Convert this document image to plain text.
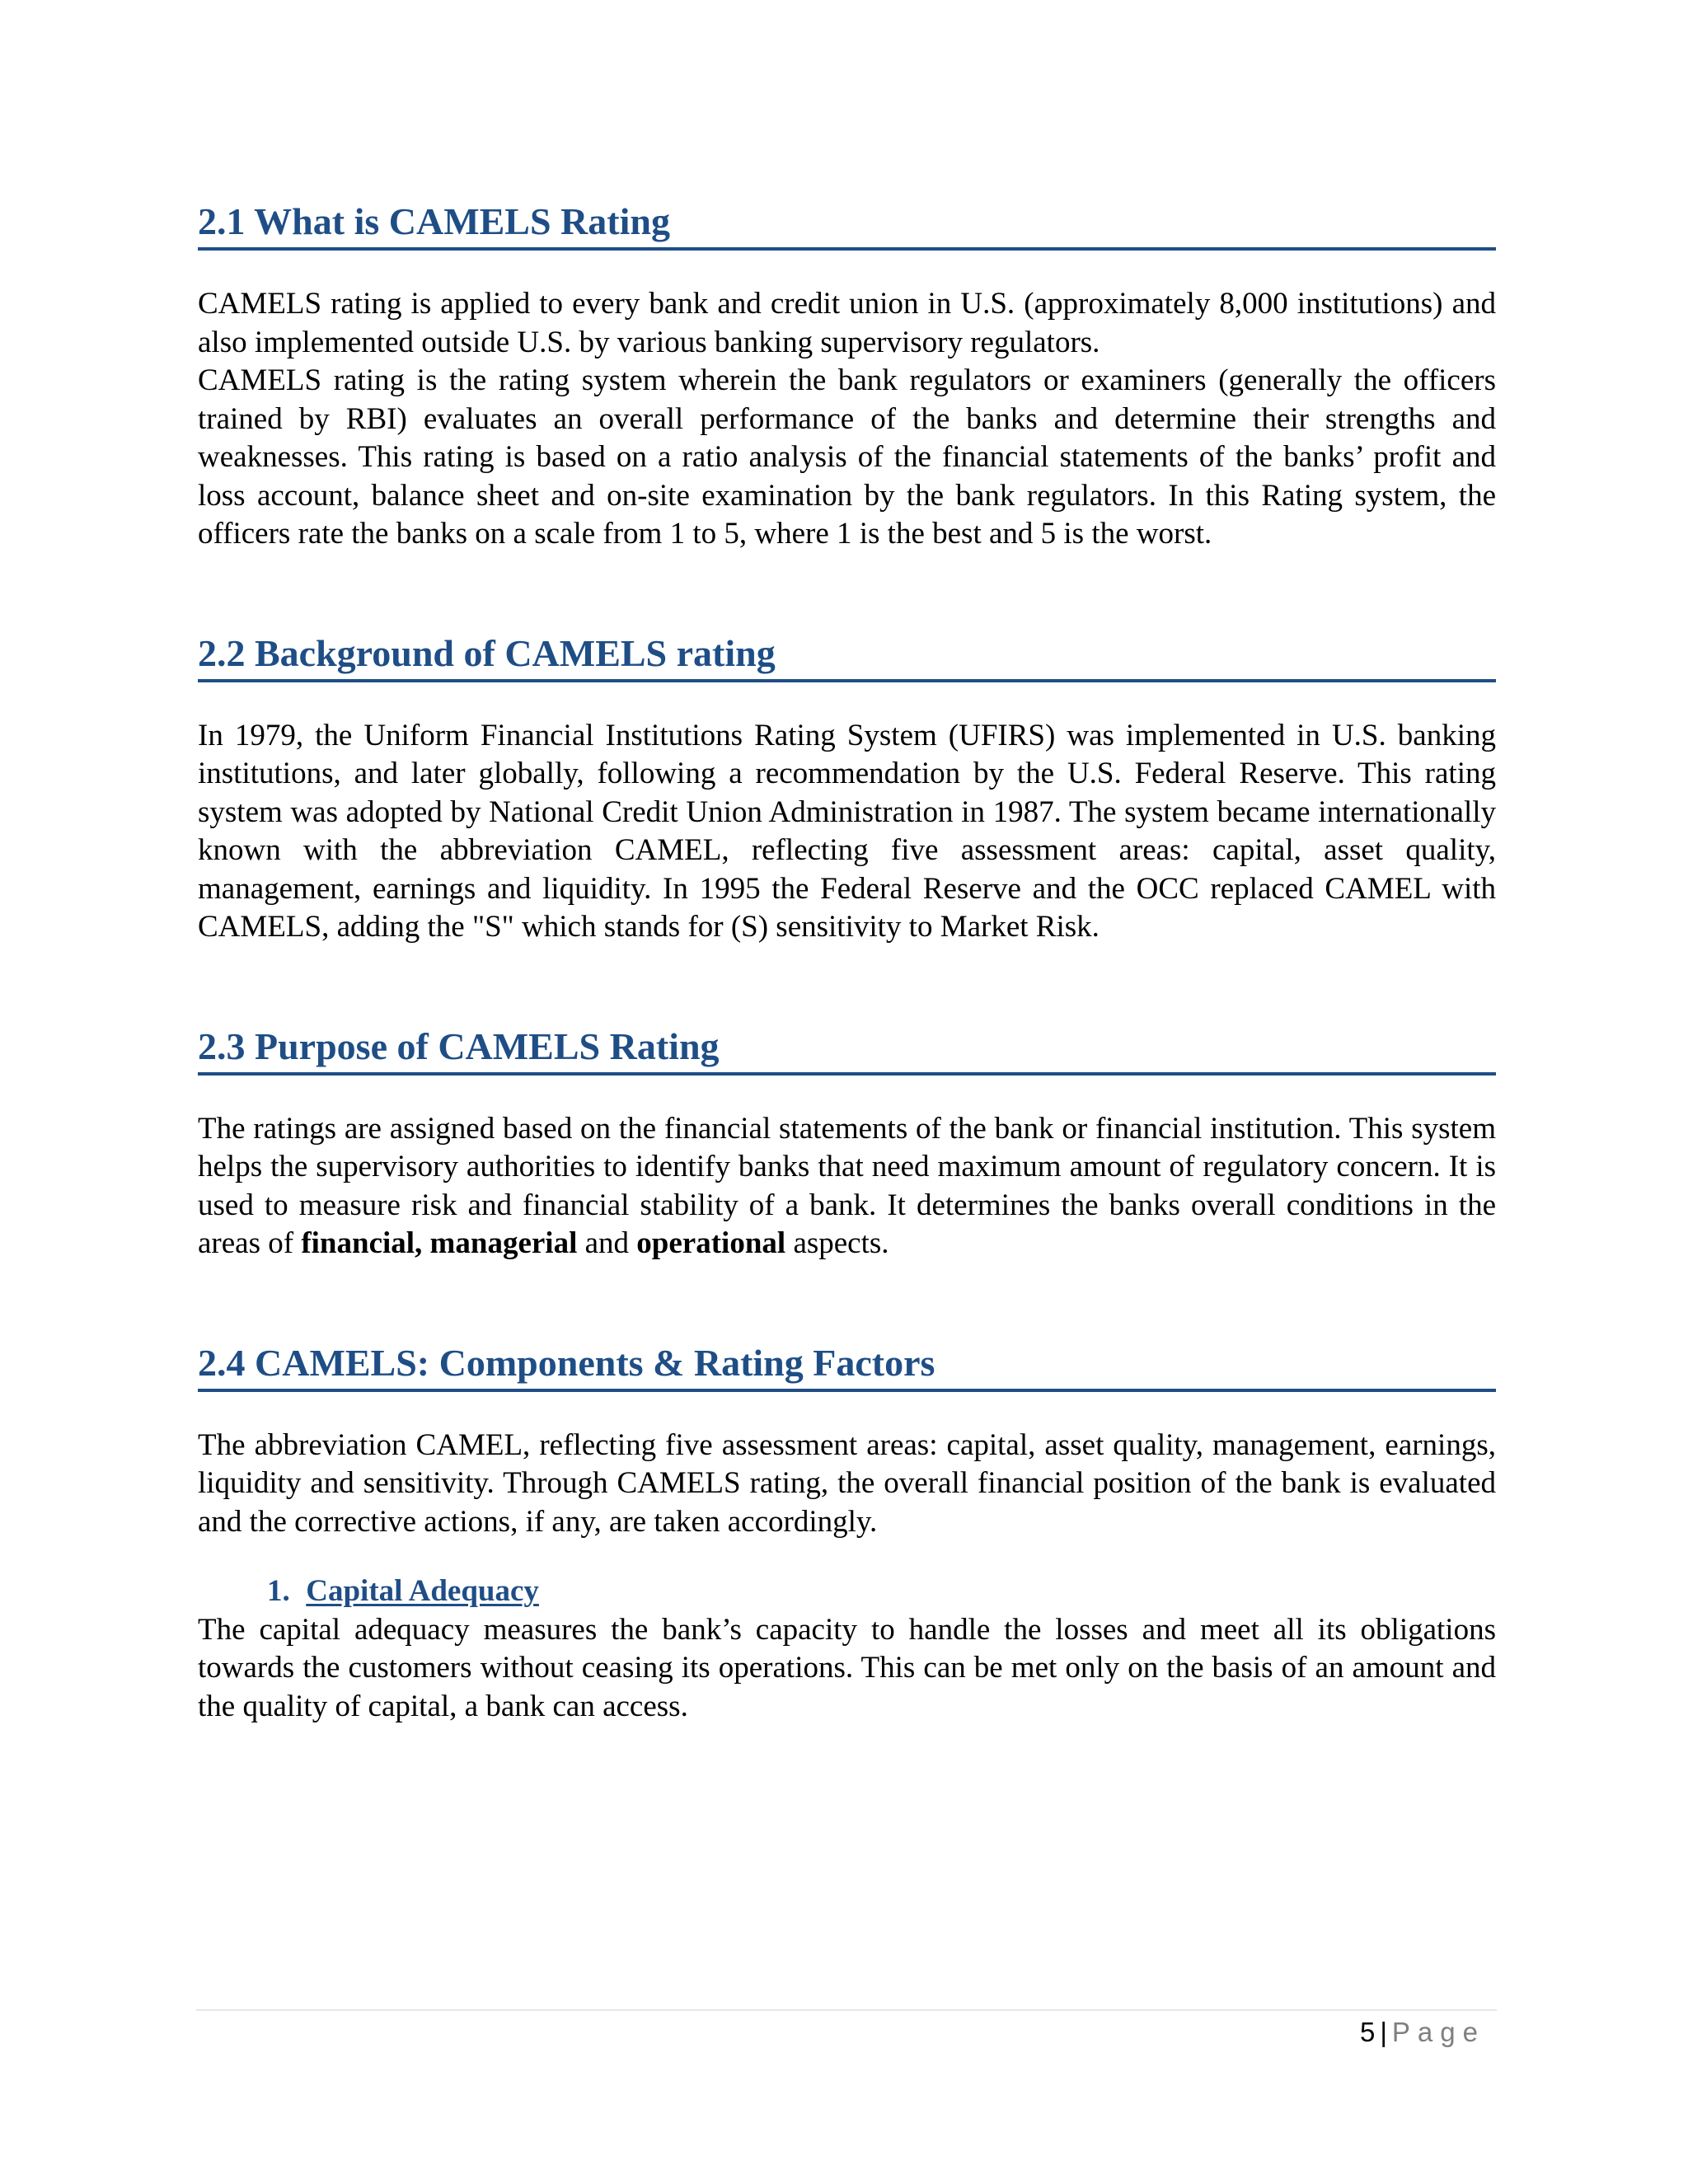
2.1 What is CAMELS Rating

CAMELS rating is applied to every bank and credit union in U.S. (approximately 8,000 institutions) and also implemented outside U.S. by various banking supervisory regulators.

CAMELS rating is the rating system wherein the bank regulators or examiners (generally the officers trained by RBI) evaluates an overall performance of the banks and determine their strengths and weaknesses. This rating is based on a ratio analysis of the financial statements of the banks’ profit and loss account, balance sheet and on-site examination by the bank regulators. In this Rating system, the officers rate the banks on a scale from 1 to 5, where 1 is the best and 5 is the worst.

2.2 Background of CAMELS rating

In 1979, the Uniform Financial Institutions Rating System (UFIRS) was implemented in U.S. banking institutions, and later globally, following a recommendation by the U.S. Federal Reserve. This rating system was adopted by National Credit Union Administration in 1987. The system became internationally known with the abbreviation CAMEL, reflecting five assessment areas: capital, asset quality, management, earnings and liquidity. In 1995 the Federal Reserve and the OCC replaced CAMEL with CAMELS, adding the "S" which stands for (S) sensitivity to Market Risk.

2.3 Purpose of CAMELS Rating

The ratings are assigned based on the financial statements of the bank or financial institution. This system helps the supervisory authorities to identify banks that need maximum amount of regulatory concern. It is used to measure risk and financial stability of a bank. It determines the banks overall conditions in the areas of financial, managerial and operational aspects.

2.4 CAMELS: Components & Rating Factors

The abbreviation CAMEL, reflecting five assessment areas: capital, asset quality, management, earnings, liquidity and sensitivity. Through CAMELS rating, the overall financial position of the bank is evaluated and the corrective actions, if any, are taken accordingly.

1. Capital Adequacy

The capital adequacy measures the bank’s capacity to handle the losses and meet all its obligations towards the customers without ceasing its operations. This can be met only on the basis of an amount and the quality of capital, a bank can access.

5 | Page
